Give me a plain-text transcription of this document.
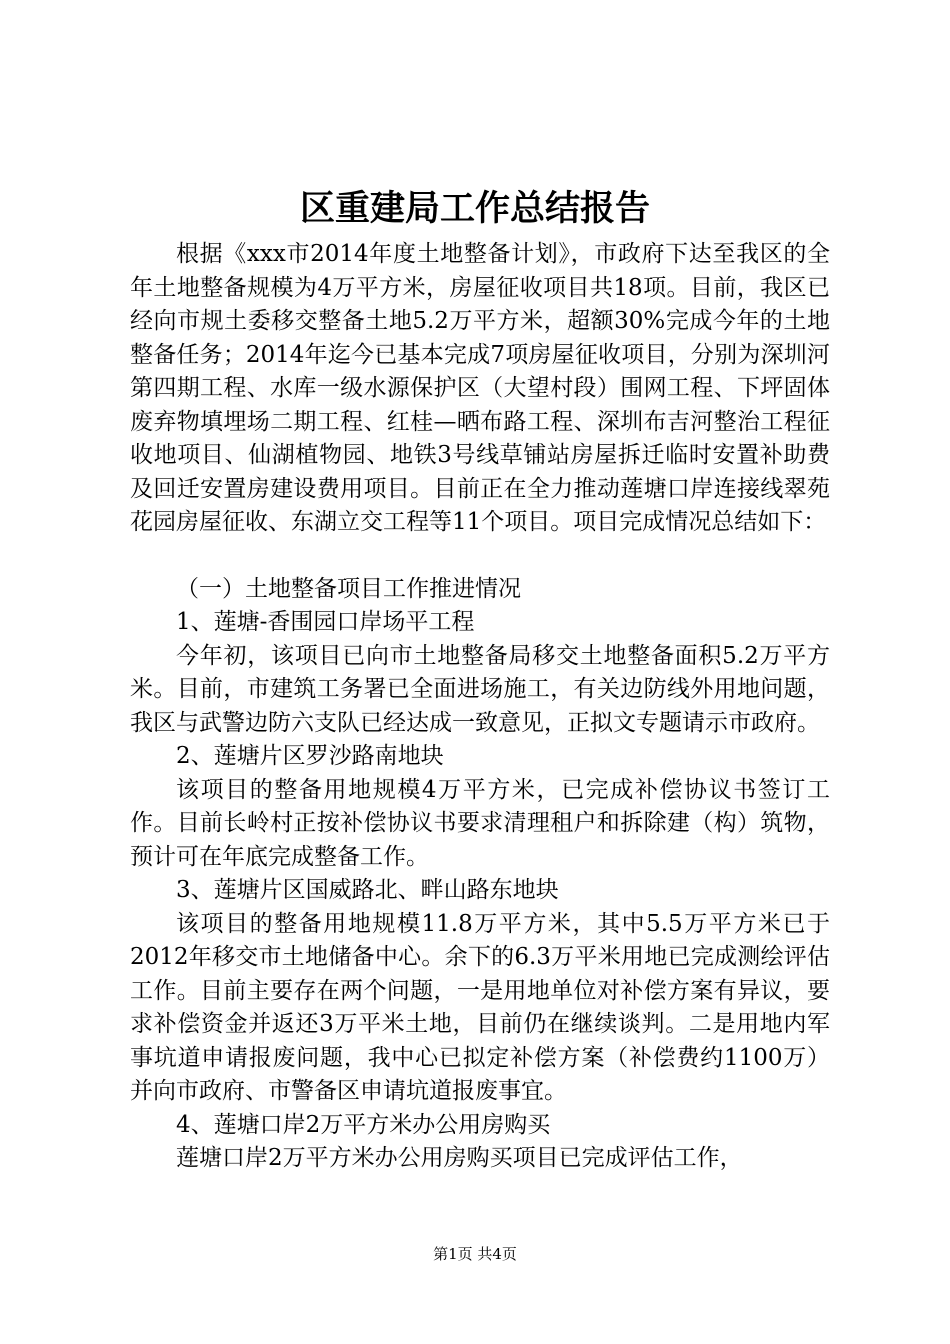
区重建局工作总结报告

根据《xxx市2014年度土地整备计划》，市政府下达至我区的全年土地整备规模为4万平方米，房屋征收项目共18项。目前，我区已经向市规土委移交整备土地5.2万平方米，超额30%完成今年的土地整备任务；2014年迄今已基本完成7项房屋征收项目，分别为深圳河第四期工程、水库一级水源保护区（大望村段）围网工程、下坪固体废弃物填埋场二期工程、红桂—晒布路工程、深圳布吉河整治工程征收地项目、仙湖植物园、地铁3号线草铺站房屋拆迁临时安置补助费及回迁安置房建设费用项目。目前正在全力推动莲塘口岸连接线翠苑花园房屋征收、东湖立交工程等11个项目。项目完成情况总结如下：

（一）土地整备项目工作推进情况

1、莲塘-香围园口岸场平工程

今年初，该项目已向市土地整备局移交土地整备面积5.2万平方米。目前，市建筑工务署已全面进场施工，有关边防线外用地问题，我区与武警边防六支队已经达成一致意见，正拟文专题请示市政府。

2、莲塘片区罗沙路南地块

该项目的整备用地规模4万平方米，已完成补偿协议书签订工作。目前长岭村正按补偿协议书要求清理租户和拆除建（构）筑物，预计可在年底完成整备工作。

3、莲塘片区国威路北、畔山路东地块

该项目的整备用地规模11.8万平方米，其中5.5万平方米已于2012年移交市土地储备中心。余下的6.3万平米用地已完成测绘评估工作。目前主要存在两个问题，一是用地单位对补偿方案有异议，要求补偿资金并返还3万平米土地，目前仍在继续谈判。二是用地内军事坑道申请报废问题，我中心已拟定补偿方案（补偿费约1100万）并向市政府、市警备区申请坑道报废事宜。

4、莲塘口岸2万平方米办公用房购买

莲塘口岸2万平方米办公用房购买项目已完成评估工作，

第1页 共4页
